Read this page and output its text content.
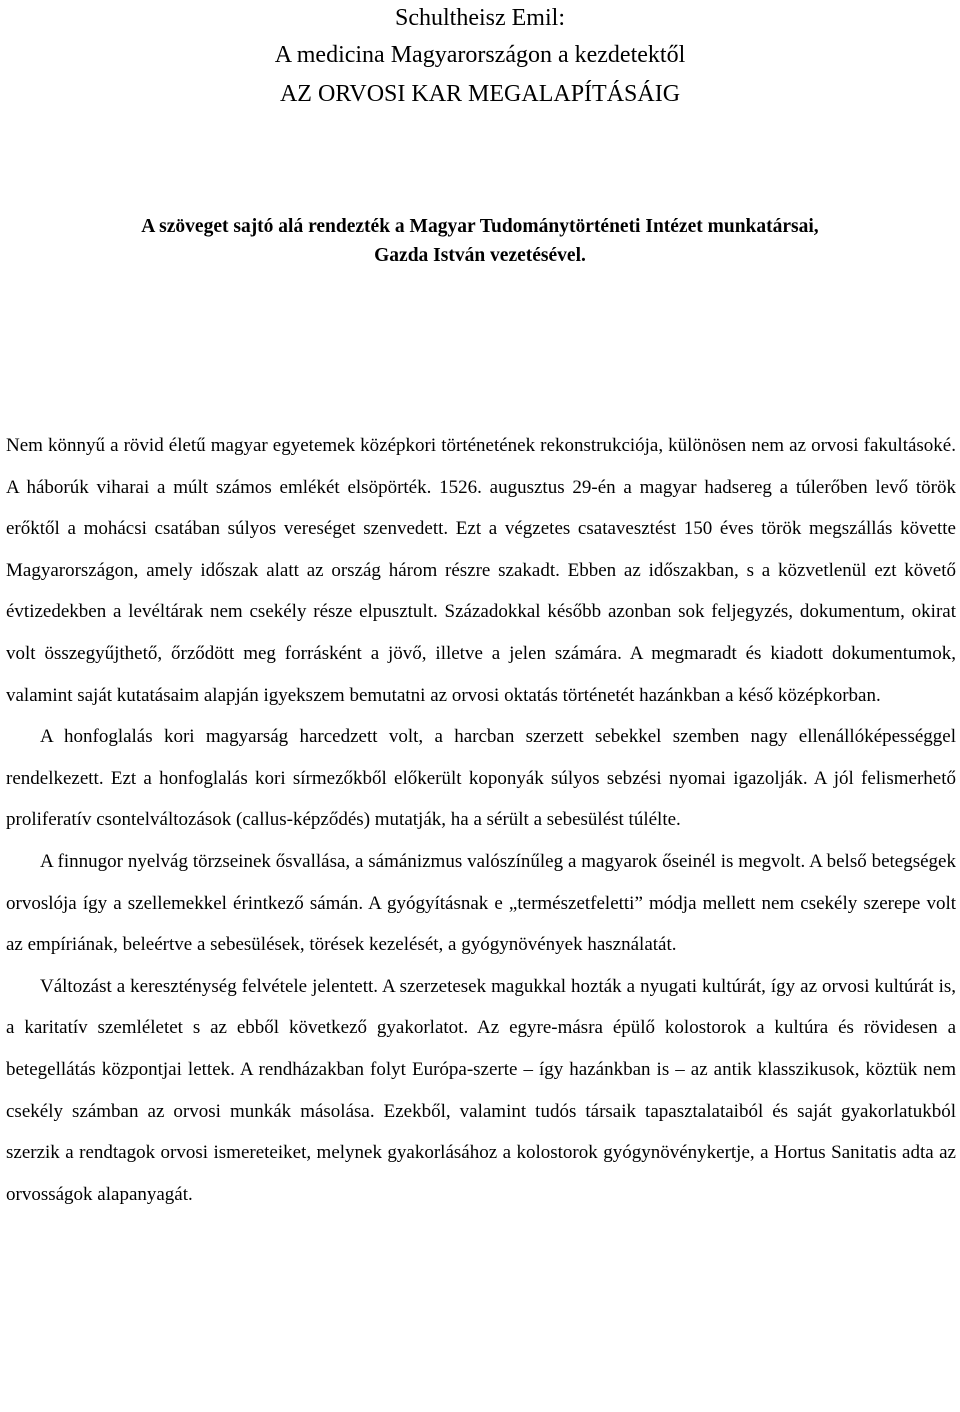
Schultheisz Emil:
A medicina Magyarországon a kezdetektől
AZ ORVOSI KAR MEGALAPÍTÁSÁIG
A szöveget sajtó alá rendezték a Magyar Tudománytörténeti Intézet munkatársai,
Gazda István vezetésével.

Nem könnyű a rövid életű magyar egyetemek középkori történetének rekonstrukciója, különösen nem az orvosi fakultásoké. A háborúk viharai a múlt számos emlékét elsöpörték. 1526. augusztus 29-én a magyar hadsereg a túlerőben levő török erőktől a mohácsi csatában súlyos vereséget szenvedett. Ezt a végzetes csatavesztést 150 éves török megszállás követte Magyarországon, amely időszak alatt az ország három részre szakadt. Ebben az időszakban, s a közvetlenül ezt követő évtizedekben a levéltárak nem csekély része elpusztult. Századokkal később azonban sok feljegyzés, dokumentum, okirat volt összegyűjthető, őrződött meg forrásként a jövő, illetve a jelen számára. A megmaradt és kiadott dokumentumok, valamint saját kutatásaim alapján igyekszem bemutatni az orvosi oktatás történetét hazánkban a késő középkorban.

A honfoglalás kori magyarság harcedzett volt, a harcban szerzett sebekkel szemben nagy ellenállóképességgel rendelkezett. Ezt a honfoglalás kori sírmezőkből előkerült koponyák súlyos sebzési nyomai igazolják. A jól felismerhető proliferatív csontelváltozások (callus-képződés) mutatják, ha a sérült a sebesülést túlélte.

A finnugor nyelvág törzseinek ősvallása, a sámánizmus valószínűleg a magyarok őseinél is megvolt. A belső betegségek orvoslója így a szellemekkel érintkező sámán. A gyógyításnak e „természetfeletti” módja mellett nem csekély szerepe volt az empíriának, beleértve a sebesülések, törések kezelését, a gyógynövények használatát.

Változást a kereszténység felvétele jelentett. A szerzetesek magukkal hozták a nyugati kultúrát, így az orvosi kultúrát is, a karitatív szemléletet s az ebből következő gyakorlatot. Az egyre-másra épülő kolostorok a kultúra és rövidesen a betegellátás központjai lettek. A rendházakban folyt Európa-szerte – így hazánkban is – az antik klasszikusok, köztük nem csekély számban az orvosi munkák másolása. Ezekből, valamint tudós társaik tapasztalataiból és saját gyakorlatukból szerzik a rendtagok orvosi ismereteiket, melynek gyakorlásához a kolostorok gyógynövénykertje, a Hortus Sanitatis adta az orvosságok alapanyagát.
